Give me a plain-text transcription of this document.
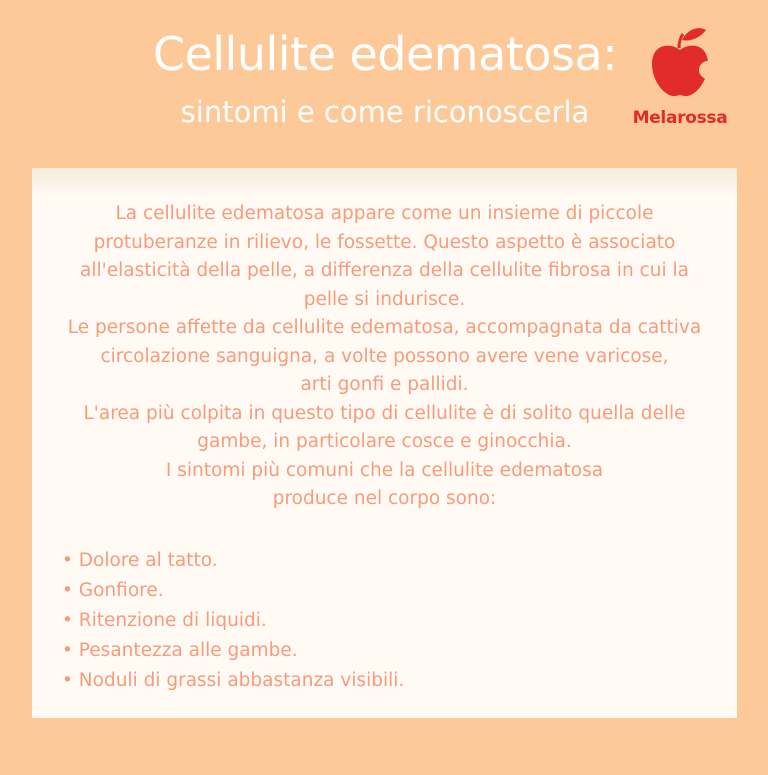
Cellulite edematosa:
sintomi e come riconoscerla	Melarossa

La cellulite edematosa appare come un insieme di piccole
protuberanze in rilievo, le fossette. Questo aspetto è associato
all'elasticità della pelle, a differenza della cellulite fibrosa in cui la
pelle si indurisce.
Le persone affette da cellulite edematosa, accompagnata da cattiva
circolazione sanguigna, a volte possono avere vene varicose,
arti gonfi e pallidi.
L'area più colpita in questo tipo di cellulite è di solito quella delle
gambe, in particolare cosce e ginocchia.
I sintomi più comuni che la cellulite edematosa
produce nel corpo sono:

• Dolore al tatto.
• Gonfiore.
• Ritenzione di liquidi.
• Pesantezza alle gambe.
• Noduli di grassi abbastanza visibili.
